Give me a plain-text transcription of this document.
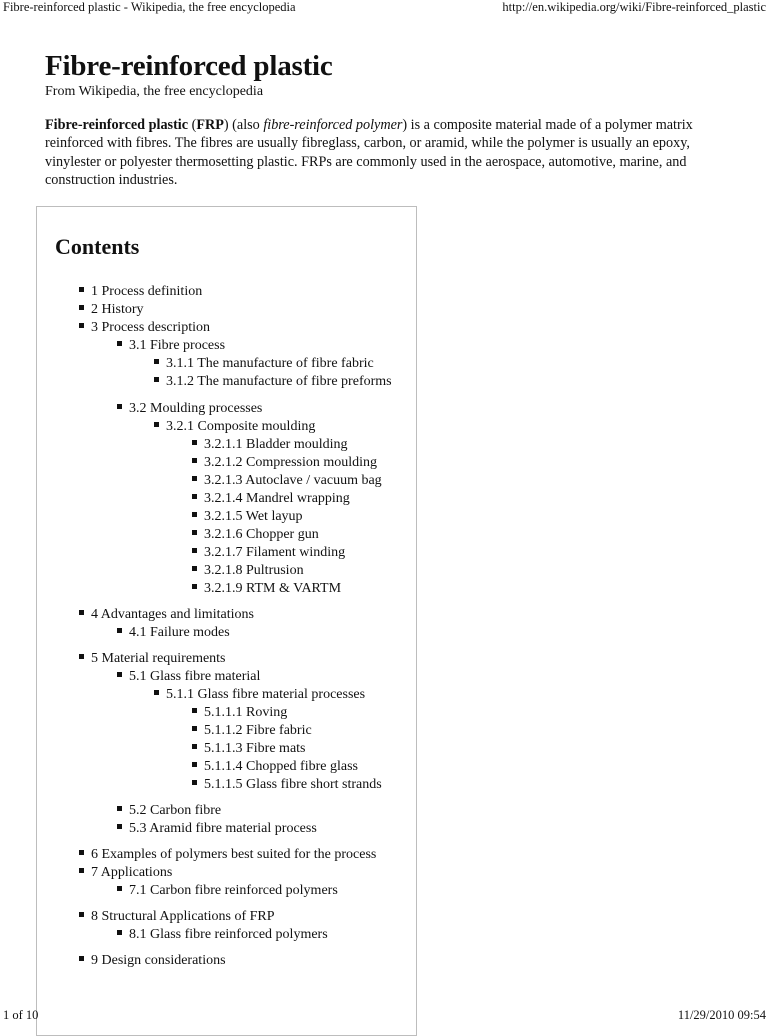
Fibre-reinforced plastic - Wikipedia, the free encyclopedia	http://en.wikipedia.org/wiki/Fibre-reinforced_plastic
Fibre-reinforced plastic
From Wikipedia, the free encyclopedia

Fibre-reinforced plastic (FRP) (also fibre-reinforced polymer) is a composite material made of a polymer matrix reinforced with fibres. The fibres are usually fibreglass, carbon, or aramid, while the polymer is usually an epoxy, vinylester or polyester thermosetting plastic. FRPs are commonly used in the aerospace, automotive, marine, and construction industries.

Contents
1 Process definition
2 History
3 Process description
3.1 Fibre process
3.1.1 The manufacture of fibre fabric
3.1.2 The manufacture of fibre preforms
3.2 Moulding processes
3.2.1 Composite moulding
3.2.1.1 Bladder moulding
3.2.1.2 Compression moulding
3.2.1.3 Autoclave / vacuum bag
3.2.1.4 Mandrel wrapping
3.2.1.5 Wet layup
3.2.1.6 Chopper gun
3.2.1.7 Filament winding
3.2.1.8 Pultrusion
3.2.1.9 RTM & VARTM
4 Advantages and limitations
4.1 Failure modes
5 Material requirements
5.1 Glass fibre material
5.1.1 Glass fibre material processes
5.1.1.1 Roving
5.1.1.2 Fibre fabric
5.1.1.3 Fibre mats
5.1.1.4 Chopped fibre glass
5.1.1.5 Glass fibre short strands
5.2 Carbon fibre
5.3 Aramid fibre material process
6 Examples of polymers best suited for the process
7 Applications
7.1 Carbon fibre reinforced polymers
8 Structural Applications of FRP
8.1 Glass fibre reinforced polymers
9 Design considerations
1 of 10	11/29/2010 09:54
